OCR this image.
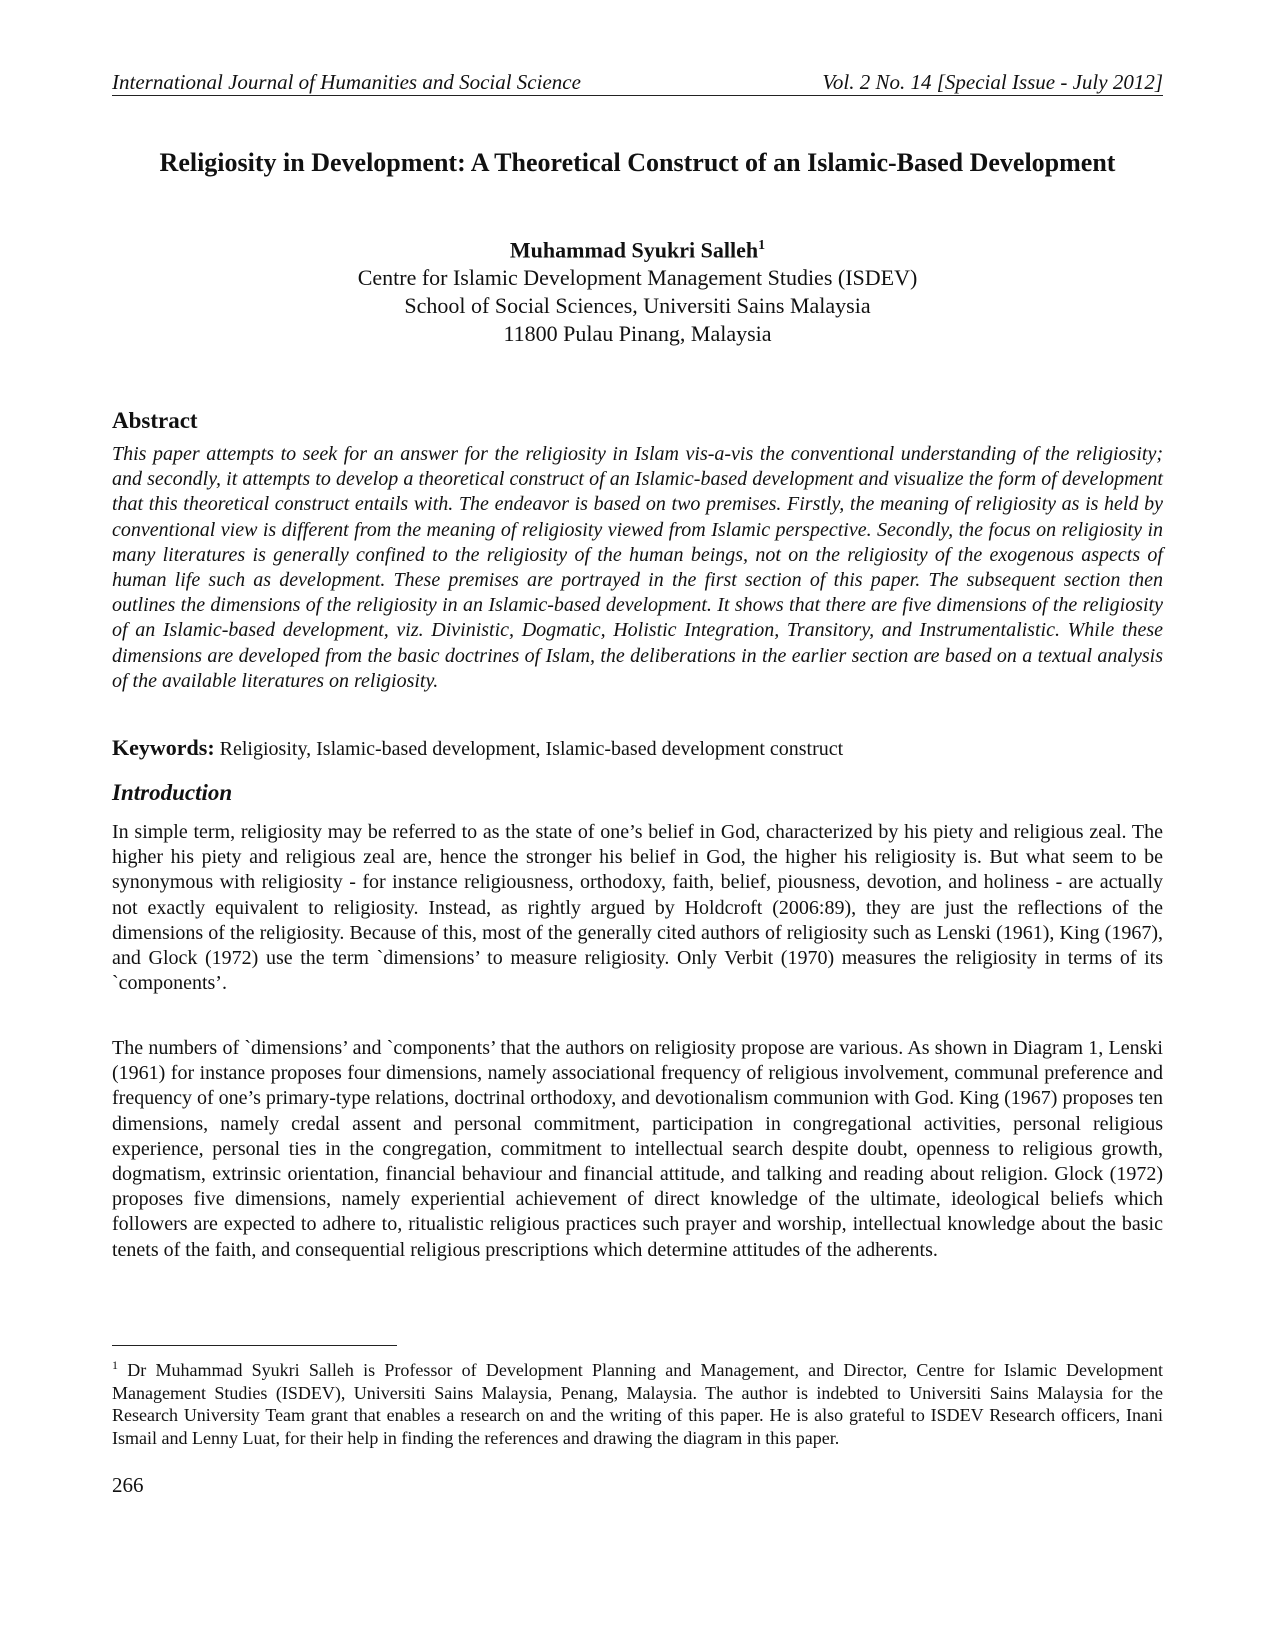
International Journal of Humanities and Social Science	Vol. 2 No. 14 [Special Issue - July 2012]
Religiosity in Development: A Theoretical Construct of an Islamic-Based Development
Muhammad Syukri Salleh$^1$
Centre for Islamic Development Management Studies (ISDEV)
School of Social Sciences, Universiti Sains Malaysia
11800 Pulau Pinang, Malaysia
Abstract
This paper attempts to seek for an answer for the religiosity in Islam vis-a-vis the conventional understanding of the religiosity; and secondly, it attempts to develop a theoretical construct of an Islamic-based development and visualize the form of development that this theoretical construct entails with. The endeavor is based on two premises. Firstly, the meaning of religiosity as is held by conventional view is different from the meaning of religiosity viewed from Islamic perspective. Secondly, the focus on religiosity in many literatures is generally confined to the religiosity of the human beings, not on the religiosity of the exogenous aspects of human life such as development. These premises are portrayed in the first section of this paper. The subsequent section then outlines the dimensions of the religiosity in an Islamic-based development. It shows that there are five dimensions of the religiosity of an Islamic-based development, viz. Divinistic, Dogmatic, Holistic Integration, Transitory, and Instrumentalistic. While these dimensions are developed from the basic doctrines of Islam, the deliberations in the earlier section are based on a textual analysis of the available literatures on religiosity.
Keywords: Religiosity, Islamic-based development, Islamic-based development construct
Introduction

In simple term, religiosity may be referred to as the state of one’s belief in God, characterized by his piety and religious zeal. The higher his piety and religious zeal are, hence the stronger his belief in God, the higher his religiosity is. But what seem to be synonymous with religiosity - for instance religiousness, orthodoxy, faith, belief, piousness, devotion, and holiness - are actually not exactly equivalent to religiosity. Instead, as rightly argued by Holdcroft (2006:89), they are just the reflections of the dimensions of the religiosity. Because of this, most of the generally cited authors of religiosity such as Lenski (1961), King (1967), and Glock (1972) use the term `dimensions’ to measure religiosity. Only Verbit (1970) measures the religiosity in terms of its `components’.

The numbers of `dimensions’ and `components’ that the authors on religiosity propose are various. As shown in Diagram 1, Lenski (1961) for instance proposes four dimensions, namely associational frequency of religious involvement, communal preference and frequency of one’s primary-type relations, doctrinal orthodoxy, and devotionalism communion with God. King (1967) proposes ten dimensions, namely credal assent and personal commitment, participation in congregational activities, personal religious experience, personal ties in the congregation, commitment to intellectual search despite doubt, openness to religious growth, dogmatism, extrinsic orientation, financial behaviour and financial attitude, and talking and reading about religion. Glock (1972) proposes five dimensions, namely experiential achievement of direct knowledge of the ultimate, ideological beliefs which followers are expected to adhere to, ritualistic religious practices such prayer and worship, intellectual knowledge about the basic tenets of the faith, and consequential religious prescriptions which determine attitudes of the adherents.

$^1$ Dr Muhammad Syukri Salleh is Professor of Development Planning and Management, and Director, Centre for Islamic Development Management Studies (ISDEV), Universiti Sains Malaysia, Penang, Malaysia. The author is indebted to Universiti Sains Malaysia for the Research University Team grant that enables a research on and the writing of this paper. He is also grateful to ISDEV Research officers, Inani Ismail and Lenny Luat, for their help in finding the references and drawing the diagram in this paper.
266
